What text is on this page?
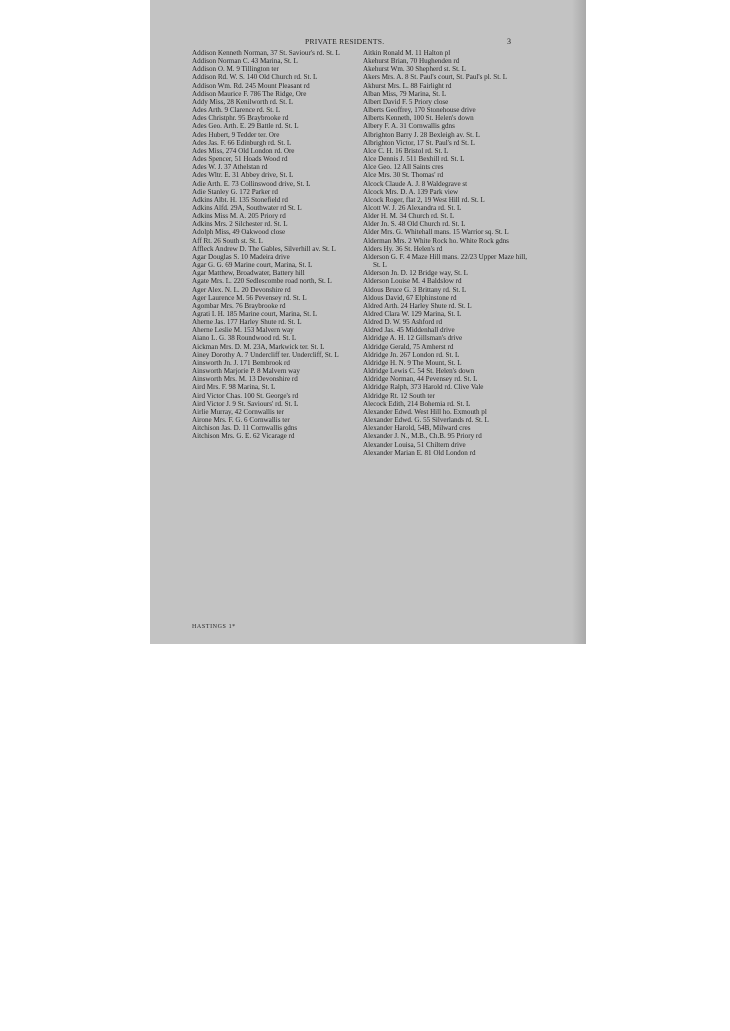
PRIVATE RESIDENTS.	3

Addison Kenneth Norman, 37 St. Saviour's rd. St. L

Addison Norman C. 43 Marina, St. L

Addison O. M. 9 Tillington ter

Addison Rd. W. S. 140 Old Church rd. St. L

Addison Wm. Rd. 245 Mount Pleasant rd

Addison Maurice F. 786 The Ridge, Ore

Addy Miss, 28 Kenilworth rd. St. L

Ades Arth. 9 Clarence rd. St. L

Ades Christphr. 95 Braybrooke rd

Ades Geo. Arth. E. 29 Battle rd. St. L

Ades Hubert, 9 Tedder ter. Ore

Ades Jas. F. 66 Edinburgh rd. St. L

Ades Miss, 274 Old London rd. Ore

Ades Spencer, 51 Hoads Wood rd

Ades W. J. 37 Athelstan rd

Ades Wltr. E. 31 Abbey drive, St. L

Adie Arth. E. 73 Collinswood drive, St. L

Adie Stanley G. 172 Parker rd

Adkins Albt. H. 135 Stonefield rd

Adkins Alfd. 29A, Southwater rd St. L

Adkins Miss M. A. 205 Priory rd

Adkins Mrs. 2 Silchester rd. St. L

Adolph Miss, 49 Oakwood close

Aff Rt. 26 South st. St. L

Affleck Andrew D. The Gables, Silverhill av. St. L

Agar Douglas S. 10 Madeira drive

Agar G. G. 69 Marine court, Marina, St. L

Agar Matthew, Broadwater, Battery hill

Agate Mrs. L. 220 Sedlescombe road north, St. L

Ager Alex. N. L. 20 Devonshire rd

Ager Laurence M. 56 Pevensey rd. St. L

Agombar Mrs. 76 Braybrooke rd

Agrati I. H. 185 Marine court, Marina, St. L

Aherne Jas. 177 Harley Shute rd. St. L

Aherne Leslie M. 153 Malvern way

Aiano L. G. 38 Roundwood rd. St. L

Aickman Mrs. D. M. 23A, Markwick ter. St. L

Ainey Dorothy A. 7 Undercliff ter. Undercliff, St. L

Ainsworth Jn. J. 171 Bembrook rd

Ainsworth Marjorie P. 8 Malvern way

Ainsworth Mrs. M. 13 Devonshire rd

Aird Mrs. F. 98 Marina, St. L

Aird Victor Chas. 100 St. George's rd

Aird Victor J. 9 St. Saviours' rd. St. L

Airlie Murray, 42 Cornwallis ter

Airone Mrs. F. G. 6 Cornwallis ter

Aitchison Jas. D. 11 Cornwallis gdns

Aitchison Mrs. G. E. 62 Vicarage rd

Aitkin Ronald M. 11 Halton pl

Akehurst Brian, 70 Hughenden rd

Akehurst Wm. 30 Shepherd st. St. L

Akers Mrs. A. 8 St. Paul's court, St. Paul's pl. St. L

Akhurst Mrs. L. 88 Fairlight rd

Alban Miss, 79 Marina, St. L

Albert David F. 5 Priory close

Alberts Geoffrey, 170 Stonehouse drive

Alberts Kenneth, 100 St. Helen's down

Albery F. A. 31 Cornwallis gdns

Albrighton Barry J. 28 Bexleigh av. St. L

Albrighton Victor, 17 St. Paul's rd St. L

Alce C. H. 16 Bristol rd. St. L

Alce Dennis J. 511 Bexhill rd. St. L

Alce Geo. 12 All Saints cres

Alce Mrs. 30 St. Thomas' rd

Alcock Claude A. J. 8 Waldegrave st

Alcock Mrs. D. A. 139 Park view

Alcock Roger, flat 2, 19 West Hill rd. St. L

Alcott W. J. 26 Alexandra rd. St. L

Alder H. M. 34 Church rd. St. L

Alder Jn. S. 48 Old Church rd. St. L

Alder Mrs. G. Whitehall mans. 15 Warrior sq. St. L

Alderman Mrs. 2 White Rock ho. White Rock gdns

Alders Hy. 36 St. Helen's rd

Alderson G. F. 4 Maze Hill mans. 22/23 Upper Maze hill, St. L

Alderson Jn. D. 12 Bridge way, St. L

Alderson Louise M. 4 Baldslow rd

Aldous Bruce G. 3 Brittany rd. St. L

Aldous David, 67 Elphinstone rd

Aldred Arth. 24 Harley Shute rd. St. L

Aldred Clara W. 129 Marina, St. L

Aldred D. W. 95 Ashford rd

Aldred Jas. 45 Middenhall drive

Aldridge A. H. 12 Gillsman's drive

Aldridge Gerald, 75 Amherst rd

Aldridge Jn. 267 London rd. St. L

Aldridge H. N. 9 The Mount, St. L

Aldridge Lewis C. 54 St. Helen's down

Aldridge Norman, 44 Pevensey rd. St. L

Aldridge Ralph, 373 Harold rd. Clive Vale

Aldridge Rt. 12 South ter

Alecock Edith, 214 Bohemia rd. St. L

Alexander Edwd. West Hill ho. Exmouth pl

Alexander Edwd. G. 55 Silverlands rd. St. L

Alexander Harold, 54B, Milward cres

Alexander J. N., M.B., Ch.B. 95 Priory rd

Alexander Louisa, 51 Chiltern drive

Alexander Marian E. 81 Old London rd

HASTINGS 1*
